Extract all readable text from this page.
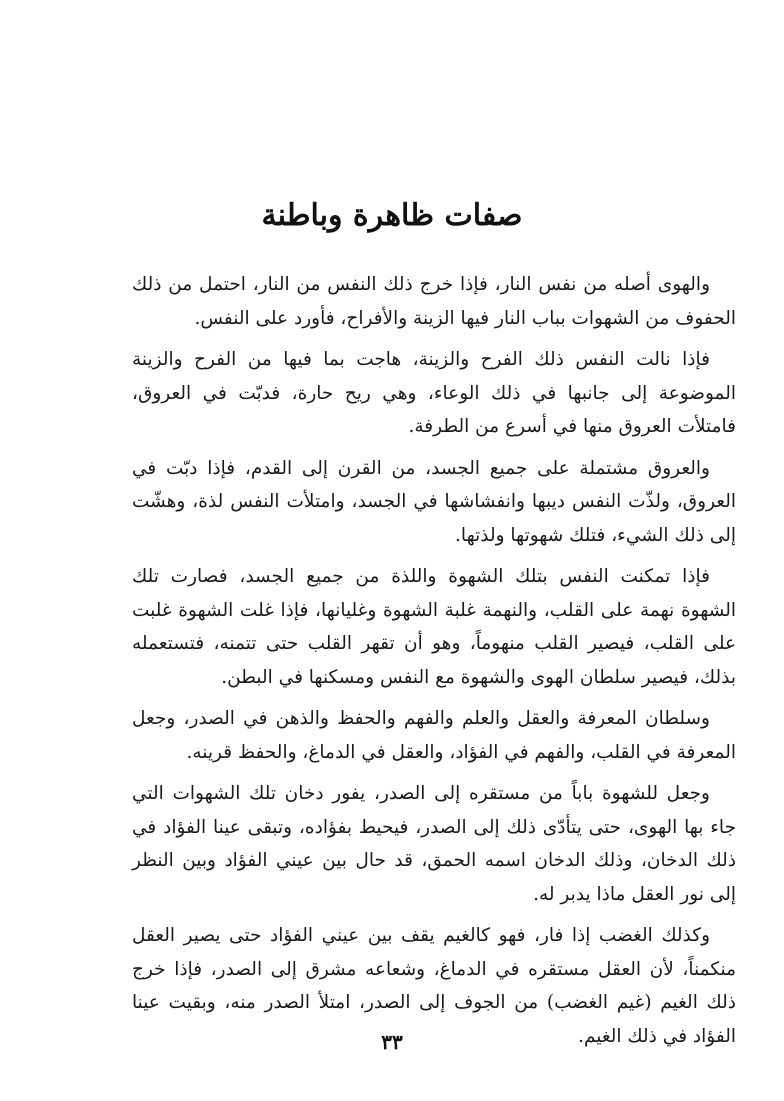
صفات ظاهرة وباطنة

والهوى أصله من نفس النار، فإذا خرج ذلك النفس من النار، احتمل من ذلك الحفوف من الشهوات بباب النار فيها الزينة والأفراح، فأورد على النفس.

فإذا نالت النفس ذلك الفرح والزينة، هاجت بما فيها من الفرح والزينة الموضوعة إلى جانبها في ذلك الوعاء، وهي ريح حارة، فدبّت في العروق، فامتلأت العروق منها في أسرع من الطرفة.

والعروق مشتملة على جميع الجسد، من القرن إلى القدم، فإذا دبّت في العروق، ولذّت النفس ديبها وانفشاشها في الجسد، وامتلأت النفس لذة، وهشّت إلى ذلك الشيء، فتلك شهوتها ولذتها.

فإذا تمكنت النفس بتلك الشهوة واللذة من جميع الجسد، فصارت تلك الشهوة نهمة على القلب، والنهمة غلبة الشهوة وغليانها، فإذا غلت الشهوة غلبت على القلب، فيصير القلب منهوماً، وهو أن تقهر القلب حتى تتمنه، فتستعمله بذلك، فيصير سلطان الهوى والشهوة مع النفس ومسكنها في البطن.

وسلطان المعرفة والعقل والعلم والفهم والحفظ والذهن في الصدر، وجعل المعرفة في القلب، والفهم في الفؤاد، والعقل في الدماغ، والحفظ قرينه.

وجعل للشهوة باباً من مستقره إلى الصدر، يفور دخان تلك الشهوات التي جاء بها الهوى، حتى يتأدّى ذلك إلى الصدر، فيحيط بفؤاده، وتبقى عينا الفؤاد في ذلك الدخان، وذلك الدخان اسمه الحمق، قد حال بين عيني الفؤاد وبين النظر إلى نور العقل ماذا يدبر له.

وكذلك الغضب إذا فار، فهو كالغيم يقف بين عيني الفؤاد حتى يصير العقل منكمناً، لأن العقل مستقره في الدماغ، وشعاعه مشرق إلى الصدر، فإذا خرج ذلك الغيم (غيم الغضب) من الجوف إلى الصدر، امتلأ الصدر منه، وبقيت عينا الفؤاد في ذلك الغيم.

٣٣
